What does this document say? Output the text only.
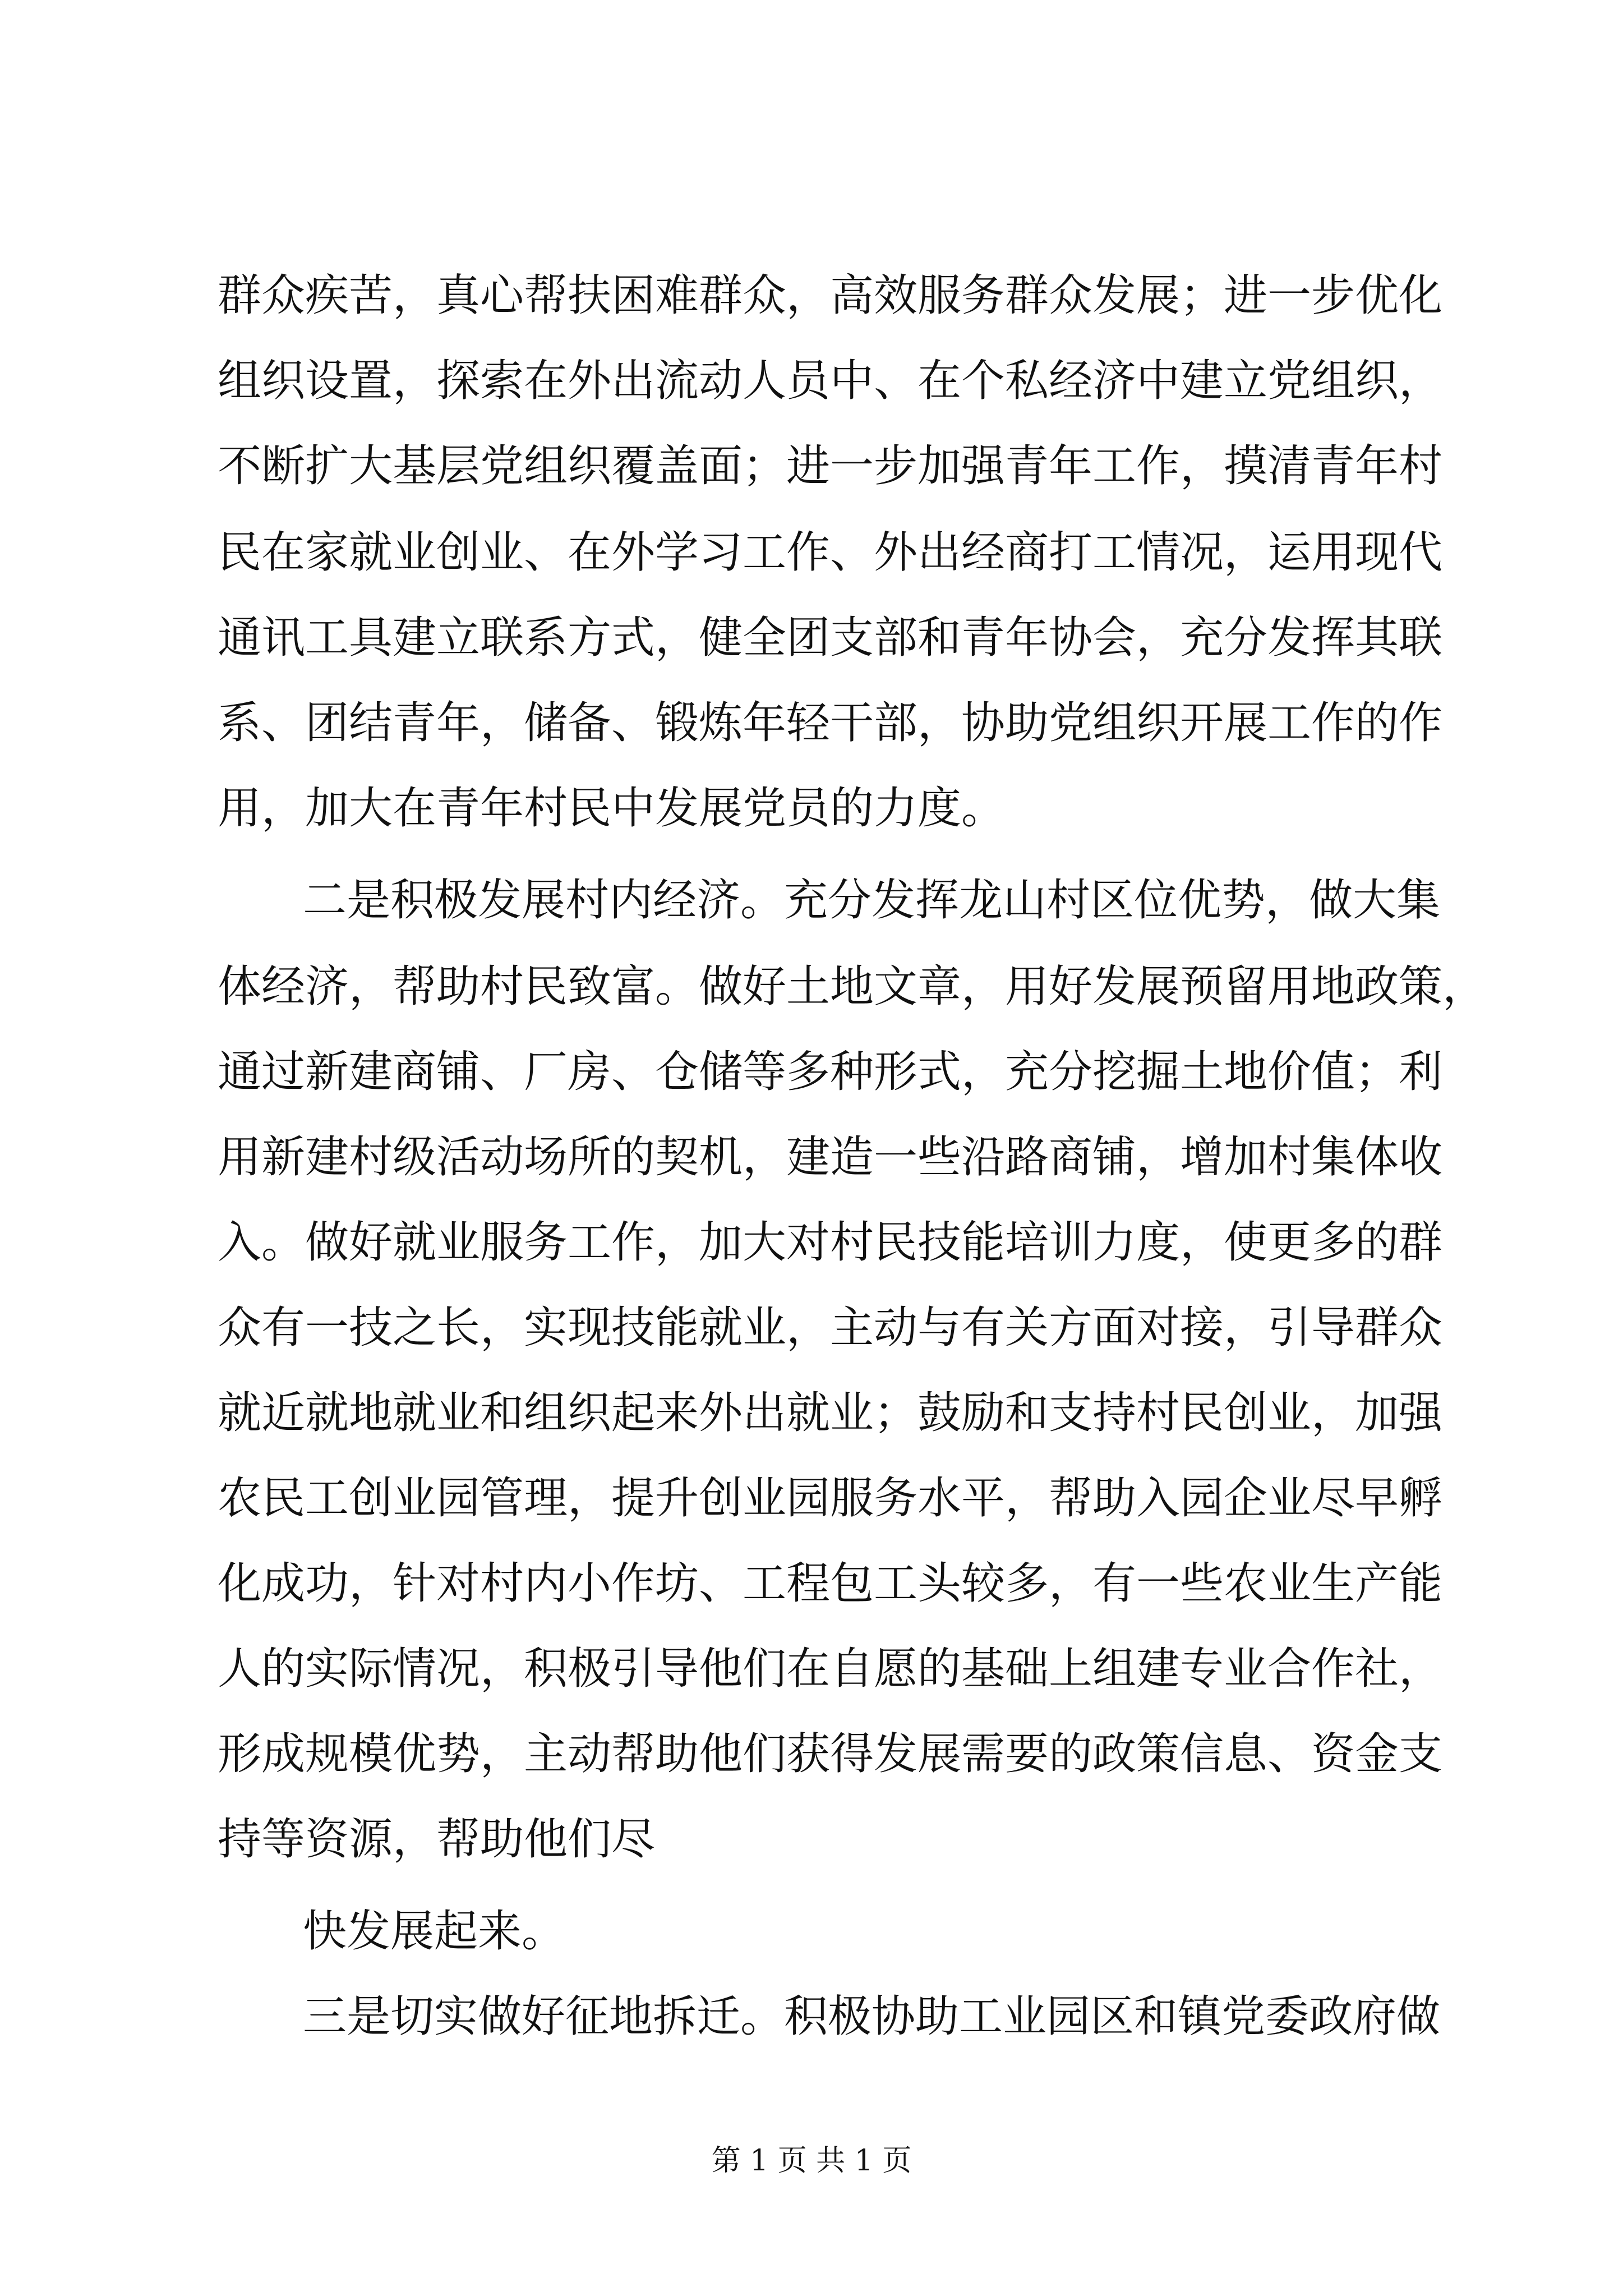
群众疾苦，真心帮扶困难群众，高效服务群众发展；进一步优化
组织设置，探索在外出流动人员中、在个私经济中建立党组织，
不断扩大基层党组织覆盖面；进一步加强青年工作，摸清青年村
民在家就业创业、在外学习工作、外出经商打工情况，运用现代
通讯工具建立联系方式，健全团支部和青年协会，充分发挥其联
系、团结青年，储备、锻炼年轻干部，协助党组织开展工作的作
用，加大在青年村民中发展党员的力度。
二是积极发展村内经济。充分发挥龙山村区位优势，做大集
体经济，帮助村民致富。做好土地文章，用好发展预留用地政策，
通过新建商铺、厂房、仓储等多种形式，充分挖掘土地价值；利
用新建村级活动场所的契机，建造一些沿路商铺，增加村集体收
入。做好就业服务工作，加大对村民技能培训力度，使更多的群
众有一技之长，实现技能就业，主动与有关方面对接，引导群众
就近就地就业和组织起来外出就业；鼓励和支持村民创业，加强
农民工创业园管理，提升创业园服务水平，帮助入园企业尽早孵
化成功，针对村内小作坊、工程包工头较多，有一些农业生产能
人的实际情况，积极引导他们在自愿的基础上组建专业合作社，
形成规模优势，主动帮助他们获得发展需要的政策信息、资金支
持等资源，帮助他们尽
快发展起来。
三是切实做好征地拆迁。积极协助工业园区和镇党委政府做
第 1 页 共 1 页
